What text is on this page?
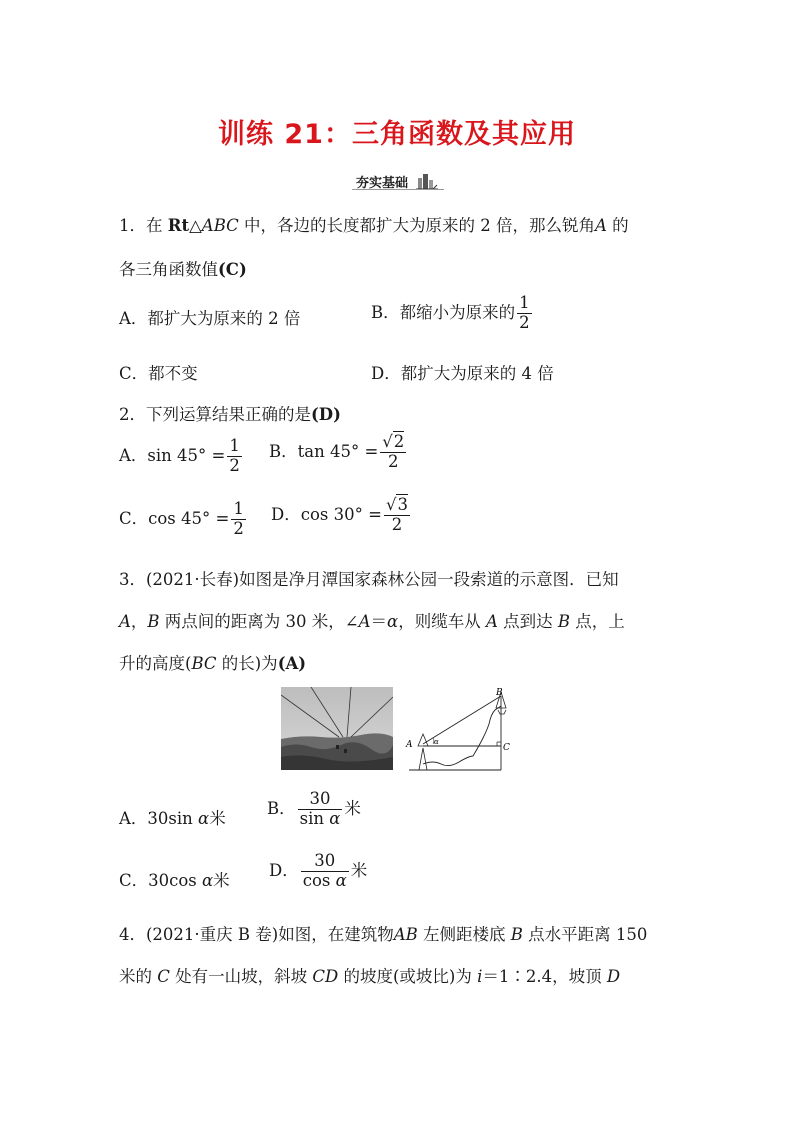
训练 21：三角函数及其应用
夯实基础
1．在 Rt△ABC 中，各边的长度都扩大为原来的 2 倍，那么锐角A 的
各三角函数值(C)
A．都扩大为原来的 2 倍	B．都缩小为原来的 $\frac{1}{2}$
C．都不变	D．都扩大为原来的 4 倍
2．下列运算结果正确的是(D)
A．$\sin 45^\circ = \frac{1}{2}$ B．$\tan 45^\circ = \frac{√2}{2}$
C．$\cos 45^\circ = \frac{1}{2}$ D．$\cos 30^\circ = \frac{√3}{2}$
3．(2021·长春)如图是净月潭国家森林公园一段索道的示意图．已知
A，B 两点间的距离为 30 米，∠A＝α，则缆车从 A 点到达 B 点，上
升的高度(BC 的长)为(A)
B
A	C
α
A．30sin α米
B． $\frac{30}{\text{sin α}}$ 米
C．30cos α米
D． $\frac{30}{\text{cos α}}$ 米
4．(2021·重庆 B 卷)如图，在建筑物AB 左侧距楼底 B 点水平距离 150
米的 C 处有一山坡，斜坡 CD 的坡度(或坡比)为 i＝1∶2.4，坡顶 D
